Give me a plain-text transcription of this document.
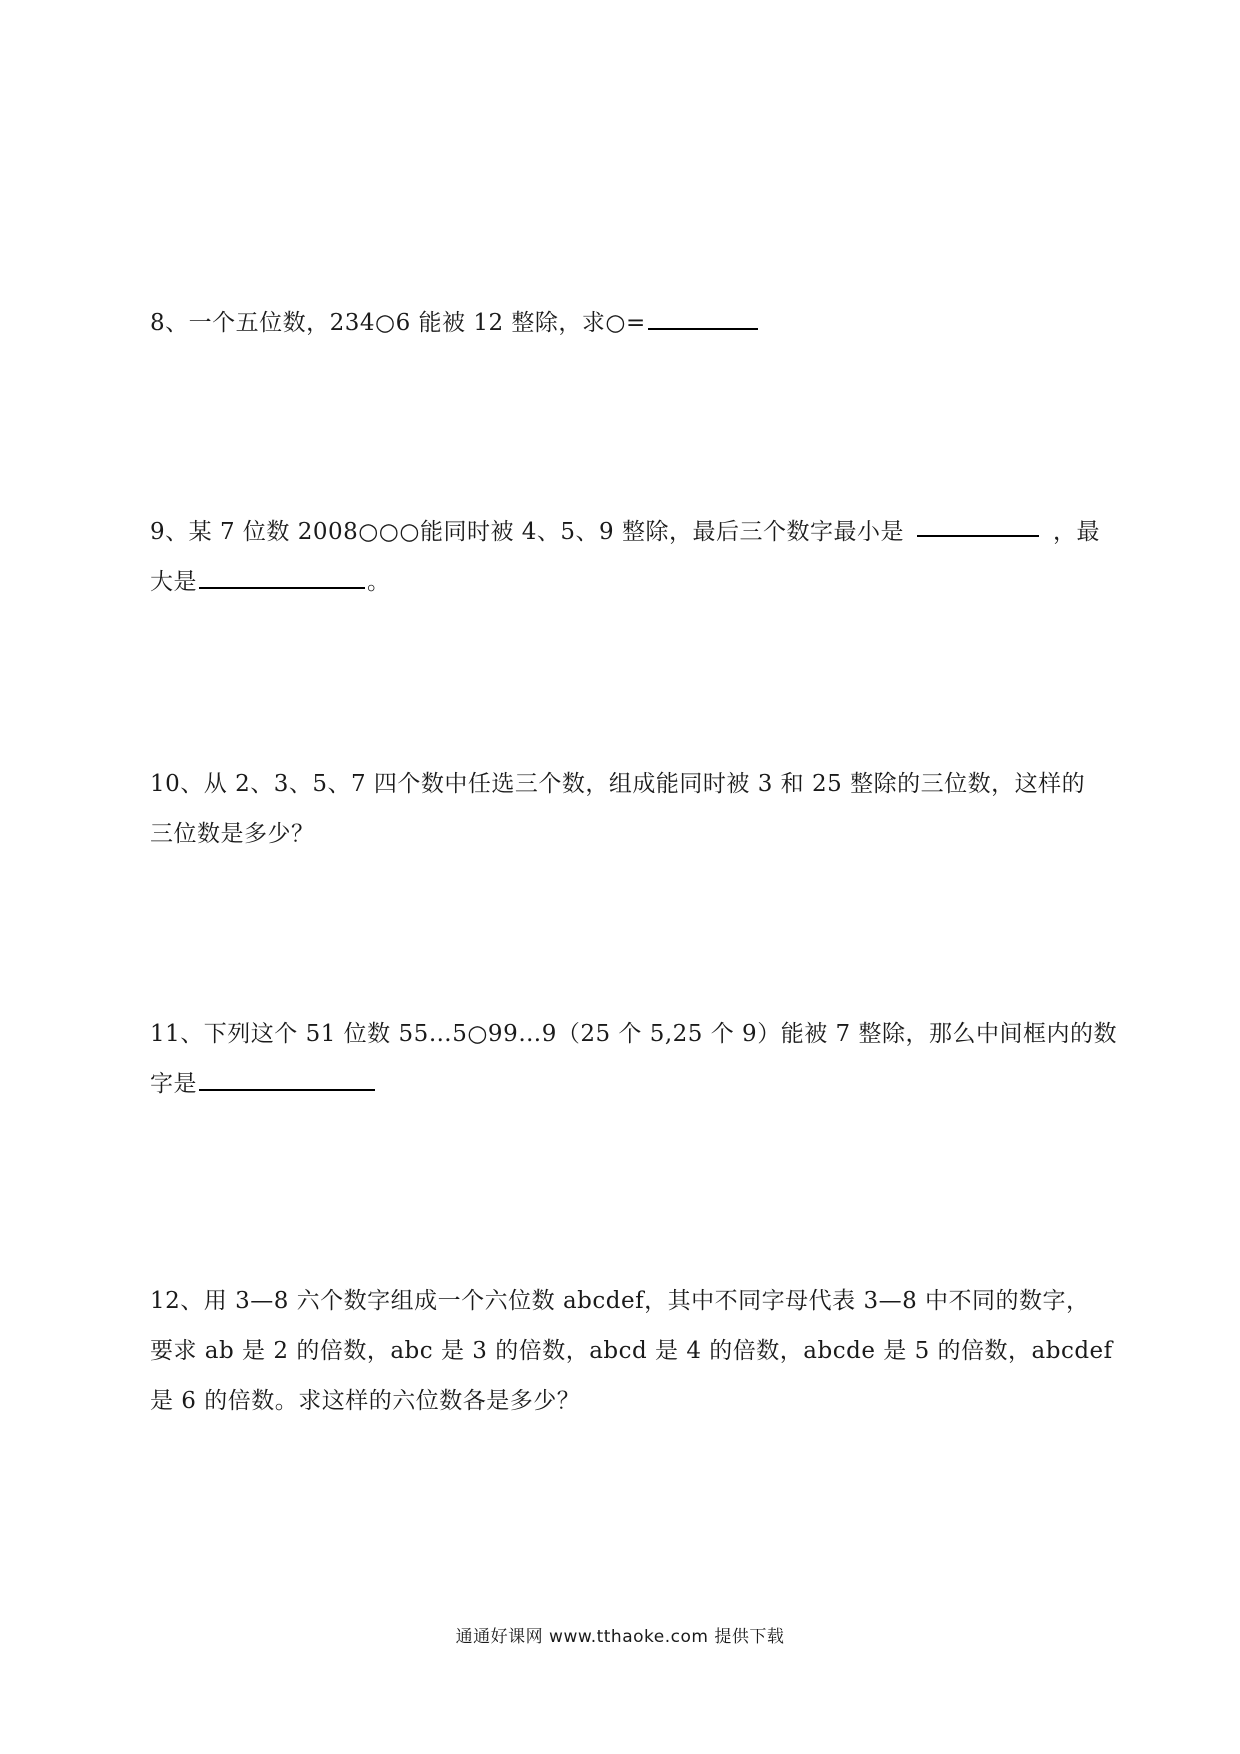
8、一个五位数，234○6 能被 12 整除，求○=
9、某 7 位数 2008○○○能同时被 4、5、9 整除，最后三个数字最小是	，最
大是	。
10、从 2、3、5、7 四个数中任选三个数，组成能同时被 3 和 25 整除的三位数，这样的
三位数是多少？
11、下列这个 51 位数 55…5○99…9（25 个 5,25 个 9）能被 7 整除，那么中间框内的数
字是
12、用 3—8 六个数字组成一个六位数 abcdef，其中不同字母代表 3—8 中不同的数字，
要求 ab 是 2 的倍数，abc 是 3 的倍数，abcd 是 4 的倍数，abcde 是 5 的倍数，abcdef
是 6 的倍数。求这样的六位数各是多少？
通通好课网 www.tthaoke.com 提供下载
